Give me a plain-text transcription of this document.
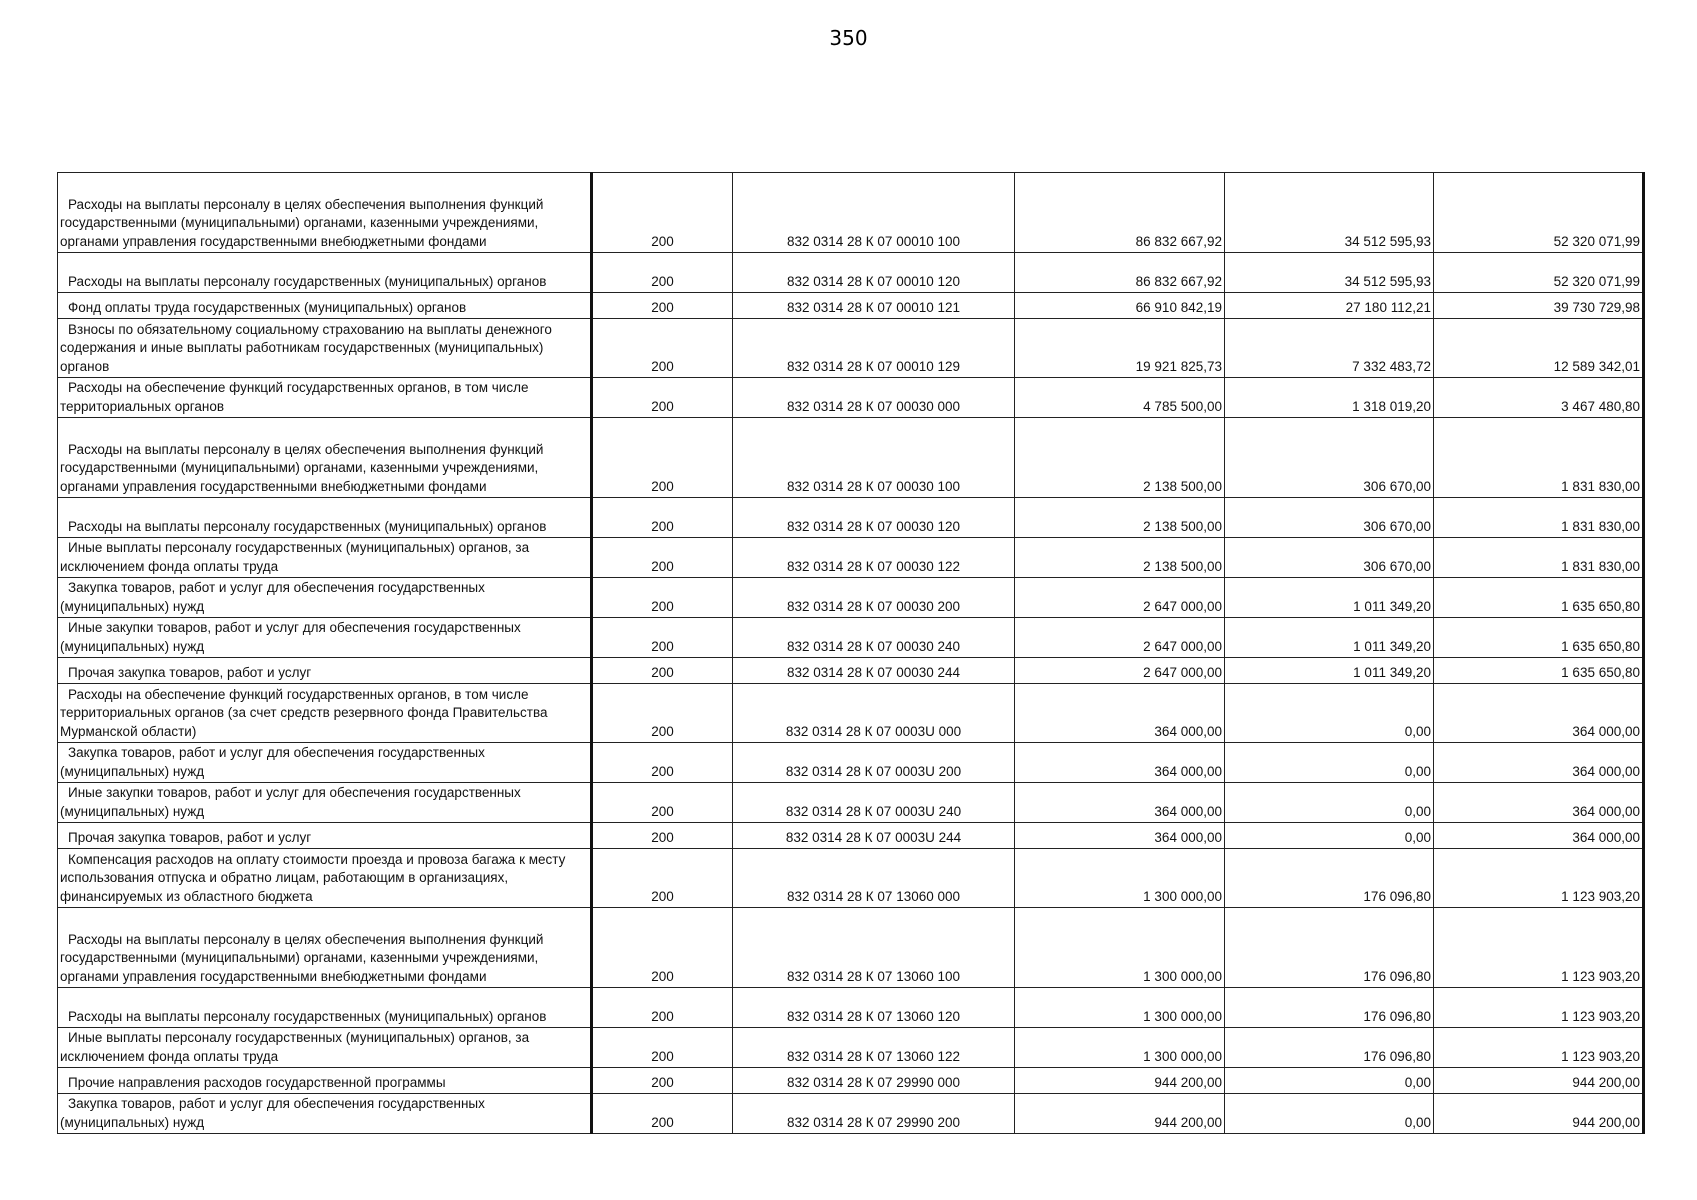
350
Расходы на выплаты персоналу в целях обеспечения выполнения функций государственными (муниципальными) органами, казенными учреждениями, органами управления государственными внебюджетными фондами	200	832 0314 28 К 07 00010 100	86 832 667,92	34 512 595,93	52 320 071,99
Расходы на выплаты персоналу государственных (муниципальных) органов	200	832 0314 28 К 07 00010 120	86 832 667,92	34 512 595,93	52 320 071,99
Фонд оплаты труда государственных (муниципальных) органов	200	832 0314 28 К 07 00010 121	66 910 842,19	27 180 112,21	39 730 729,98
Взносы по обязательному социальному страхованию на выплаты денежного содержания и иные выплаты работникам государственных (муниципальных) органов	200	832 0314 28 К 07 00010 129	19 921 825,73	7 332 483,72	12 589 342,01
Расходы на обеспечение функций государственных органов, в том числе территориальных органов	200	832 0314 28 К 07 00030 000	4 785 500,00	1 318 019,20	3 467 480,80
Расходы на выплаты персоналу в целях обеспечения выполнения функций государственными (муниципальными) органами, казенными учреждениями, органами управления государственными внебюджетными фондами	200	832 0314 28 К 07 00030 100	2 138 500,00	306 670,00	1 831 830,00
Расходы на выплаты персоналу государственных (муниципальных) органов	200	832 0314 28 К 07 00030 120	2 138 500,00	306 670,00	1 831 830,00
Иные выплаты персоналу государственных (муниципальных) органов, за исключением фонда оплаты труда	200	832 0314 28 К 07 00030 122	2 138 500,00	306 670,00	1 831 830,00
Закупка товаров, работ и услуг для обеспечения государственных (муниципальных) нужд	200	832 0314 28 К 07 00030 200	2 647 000,00	1 011 349,20	1 635 650,80
Иные закупки товаров, работ и услуг для обеспечения государственных (муниципальных) нужд	200	832 0314 28 К 07 00030 240	2 647 000,00	1 011 349,20	1 635 650,80
Прочая закупка товаров, работ и услуг	200	832 0314 28 К 07 00030 244	2 647 000,00	1 011 349,20	1 635 650,80
Расходы на обеспечение функций государственных органов, в том числе территориальных органов (за счет средств резервного фонда Правительства Мурманской области)	200	832 0314 28 К 07 0003U 000	364 000,00	0,00	364 000,00
Закупка товаров, работ и услуг для обеспечения государственных (муниципальных) нужд	200	832 0314 28 К 07 0003U 200	364 000,00	0,00	364 000,00
Иные закупки товаров, работ и услуг для обеспечения государственных (муниципальных) нужд	200	832 0314 28 К 07 0003U 240	364 000,00	0,00	364 000,00
Прочая закупка товаров, работ и услуг	200	832 0314 28 К 07 0003U 244	364 000,00	0,00	364 000,00
Компенсация расходов на оплату стоимости проезда и провоза багажа к месту использования отпуска и обратно лицам, работающим в организациях, финансируемых из областного бюджета	200	832 0314 28 К 07 13060 000	1 300 000,00	176 096,80	1 123 903,20
Расходы на выплаты персоналу в целях обеспечения выполнения функций государственными (муниципальными) органами, казенными учреждениями, органами управления государственными внебюджетными фондами	200	832 0314 28 К 07 13060 100	1 300 000,00	176 096,80	1 123 903,20
Расходы на выплаты персоналу государственных (муниципальных) органов	200	832 0314 28 К 07 13060 120	1 300 000,00	176 096,80	1 123 903,20
Иные выплаты персоналу государственных (муниципальных) органов, за исключением фонда оплаты труда	200	832 0314 28 К 07 13060 122	1 300 000,00	176 096,80	1 123 903,20
Прочие направления расходов государственной программы	200	832 0314 28 К 07 29990 000	944 200,00	0,00	944 200,00
Закупка товаров, работ и услуг для обеспечения государственных (муниципальных) нужд	200	832 0314 28 К 07 29990 200	944 200,00	0,00	944 200,00
